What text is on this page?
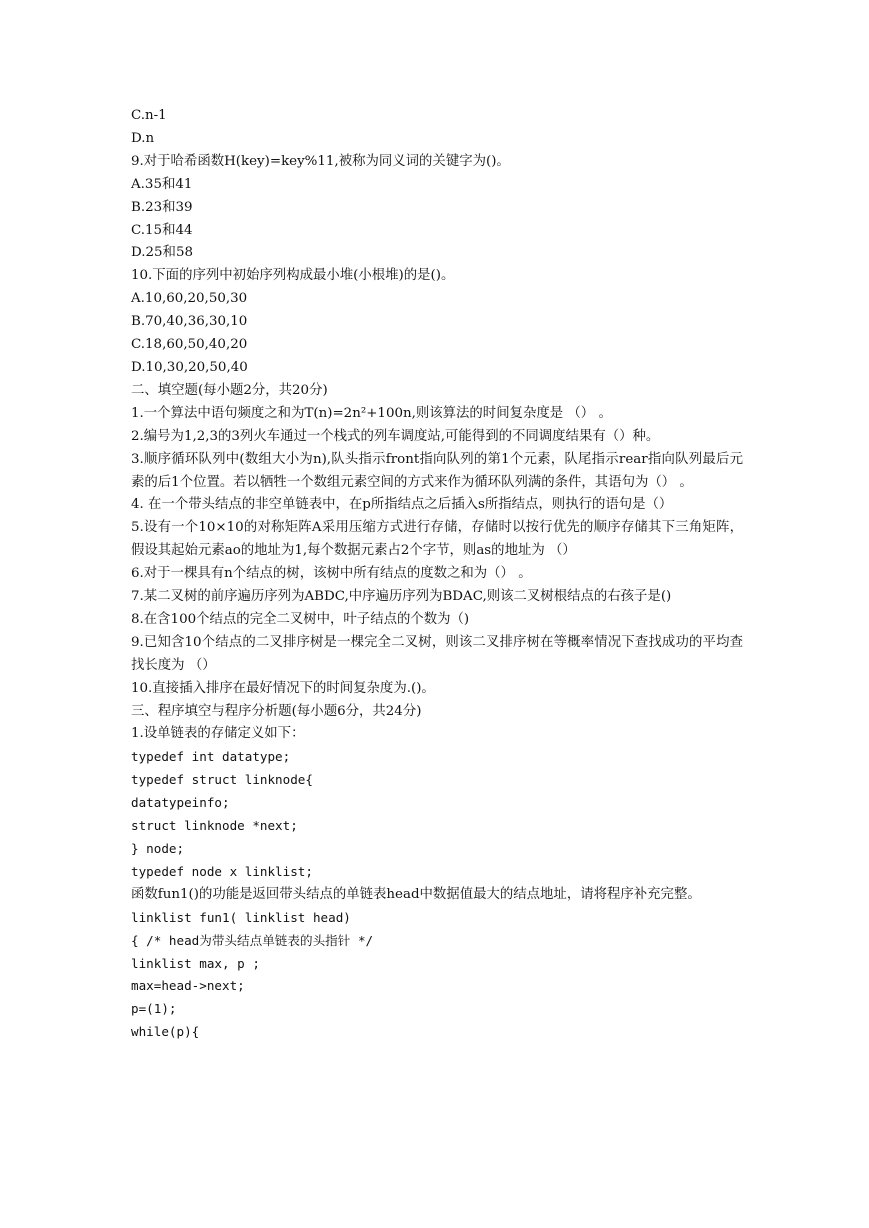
C.n-1

D.n

9.对于哈希函数H(key)=key%11,被称为同义词的关键字为()。

A.35和41

B.23和39

C.15和44

D.25和58

10.下面的序列中初始序列构成最小堆(小根堆)的是()。

A.10,60,20,50,30

B.70,40,36,30,10

C.18,60,50,40,20

D.10,30,20,50,40

二、填空题(每小题2分，共20分)

1.一个算法中语句频度之和为T(n)=2n²+100n,则该算法的时间复杂度是 （） 。

2.编号为1,2,3的3列火车通过一个栈式的列车调度站,可能得到的不同调度结果有（）种。

3.顺序循环队列中(数组大小为n),队头指示front指向队列的第1个元素，队尾指示rear指向队列最后元素的后1个位置。若以牺牲一个数组元素空间的方式来作为循环队列满的条件，其语句为（） 。

4. 在一个带头结点的非空单链表中，在p所指结点之后插入s所指结点，则执行的语句是（）

5.设有一个10×10的对称矩阵A采用压缩方式进行存储，存储时以按行优先的顺序存储其下三角矩阵，假设其起始元素ao的地址为1,每个数据元素占2个字节，则as的地址为 （）

6.对于一棵具有n个结点的树，该树中所有结点的度数之和为（） 。

7.某二叉树的前序遍历序列为ABDC,中序遍历序列为BDAC,则该二叉树根结点的右孩子是()

8.在含100个结点的完全二叉树中，叶子结点的个数为（)

9.已知含10个结点的二叉排序树是一棵完全二叉树，则该二叉排序树在等概率情况下查找成功的平均查找长度为 （）

10.直接插入排序在最好情况下的时间复杂度为.()。

三、程序填空与程序分析题(每小题6分，共24分)

1.设单链表的存储定义如下：

typedef int datatype;

typedef struct linknode{

datatypeinfo;

struct linknode *next;

} node;

typedef node x linklist;

函数fun1()的功能是返回带头结点的单链表head中数据值最大的结点地址，请将程序补充完整。

linklist fun1( linklist head)

{ /* head为带头结点单链表的头指针 */

linklist max, p ;

max=head->next;

p=(1);

while(p){
